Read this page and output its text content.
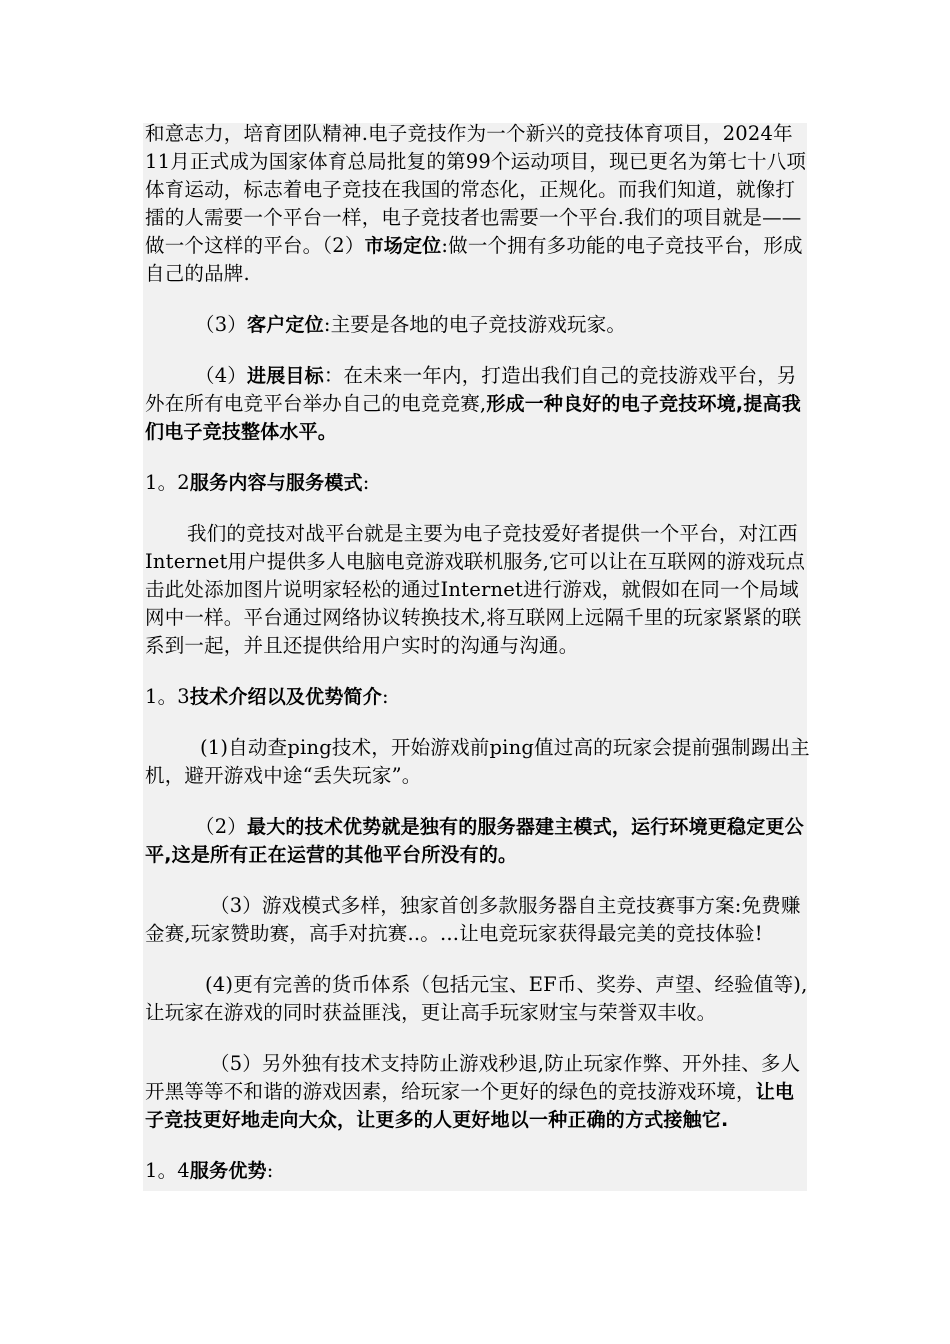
和意志力，培育团队精神.电子竞技作为一个新兴的竞技体育项目，2024年11月正式成为国家体育总局批复的第99个运动项目，现已更名为第七十八项体育运动，标志着电子竞技在我国的常态化，正规化。而我们知道，就像打擂的人需要一个平台一样，电子竞技者也需要一个平台.我们的项目就是——做一个这样的平台。（2）市场定位:做一个拥有多功能的电子竞技平台，形成自己的品牌.

（3）客户定位:主要是各地的电子竞技游戏玩家。

（4）进展目标：在未来一年内，打造出我们自己的竞技游戏平台，另外在所有电竞平台举办自己的电竞竞赛,形成一种良好的电子竞技环境,提高我们电子竞技整体水平。

1。2服务内容与服务模式:

我们的竞技对战平台就是主要为电子竞技爱好者提供一个平台，对江西Internet用户提供多人电脑电竞游戏联机服务,它可以让在互联网的游戏玩点击此处添加图片说明家轻松的通过Internet进行游戏，就假如在同一个局域网中一样。平台通过网络协议转换技术,将互联网上远隔千里的玩家紧紧的联系到一起，并且还提供给用户实时的沟通与沟通。

1。3技术介绍以及优势简介:

(1)自动查ping技术，开始游戏前ping值过高的玩家会提前强制踢出主机，避开游戏中途“丢失玩家”。

（2）最大的技术优势就是独有的服务器建主模式，运行环境更稳定更公平,这是所有正在运营的其他平台所没有的。

（3）游戏模式多样，独家首创多款服务器自主竞技赛事方案:免费赚金赛,玩家赞助赛，高手对抗赛..。...让电竞玩家获得最完美的竞技体验!

(4)更有完善的货币体系（包括元宝、EF币、奖券、声望、经验值等),让玩家在游戏的同时获益匪浅，更让高手玩家财宝与荣誉双丰收。

（5）另外独有技术支持防止游戏秒退,防止玩家作弊、开外挂、多人开黑等等不和谐的游戏因素，给玩家一个更好的绿色的竞技游戏环境，让电子竞技更好地走向大众，让更多的人更好地以一种正确的方式接触它.

1。4服务优势:
